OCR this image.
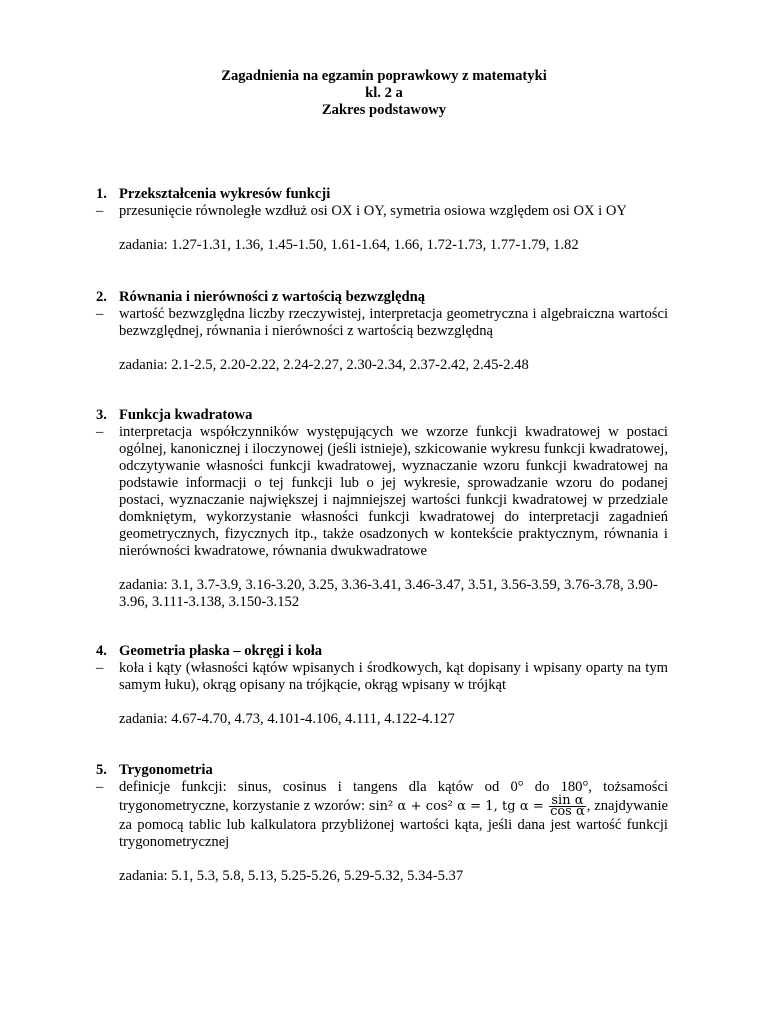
Zagadnienia na egzamin poprawkowy z matematyki
kl. 2 a
Zakres podstawowy
1. Przekształcenia wykresów funkcji
–	przesunięcie równoległe wzdłuż osi OX i OY, symetria osiowa względem osi OX i OY
zadania: 1.27-1.31, 1.36, 1.45-1.50, 1.61-1.64, 1.66, 1.72-1.73, 1.77-1.79, 1.82
2. Równania i nierówności z wartością bezwzględną
–	wartość bezwzględna liczby rzeczywistej, interpretacja geometryczna i algebraiczna wartości bezwzględnej, równania i nierówności z wartością bezwzględną
zadania: 2.1-2.5, 2.20-2.22, 2.24-2.27, 2.30-2.34, 2.37-2.42, 2.45-2.48
3. Funkcja kwadratowa
–	interpretacja współczynników występujących we wzorze funkcji kwadratowej w postaci ogólnej, kanonicznej i iloczynowej (jeśli istnieje), szkicowanie wykresu funkcji kwadratowej, odczytywanie własności funkcji kwadratowej, wyznaczanie wzoru funkcji kwadratowej na podstawie informacji o tej funkcji lub o jej wykresie, sprowadzanie wzoru do podanej postaci, wyznaczanie największej i najmniejszej wartości funkcji kwadratowej w przedziale domkniętym, wykorzystanie własności funkcji kwadratowej do interpretacji zagadnień geometrycznych, fizycznych itp., także osadzonych w kontekście praktycznym, równania i nierówności kwadratowe, równania dwukwadratowe
zadania: 3.1, 3.7-3.9, 3.16-3.20, 3.25, 3.36-3.41, 3.46-3.47, 3.51, 3.56-3.59, 3.76-3.78, 3.90-3.96, 3.111-3.138, 3.150-3.152
4. Geometria płaska – okręgi i koła
–	koła i kąty (własności kątów wpisanych i środkowych, kąt dopisany i wpisany oparty na tym samym łuku), okrąg opisany na trójkącie, okrąg wpisany w trójkąt
zadania: 4.67-4.70, 4.73, 4.101-4.106, 4.111, 4.122-4.127
5. Trygonometria
–	definicje funkcji: sinus, cosinus i tangens dla kątów od 0° do 180°, tożsamości trygonometryczne, korzystanie z wzorów: sin² α + cos² α = 1, tg $\alpha = \frac{\text{sin α}}{\text{cos α}}$ , znajdywanie za pomocą tablic lub kalkulatora przybliżonej wartości kąta, jeśli dana jest wartość funkcji trygonometrycznej
zadania: 5.1, 5.3, 5.8, 5.13, 5.25-5.26, 5.29-5.32, 5.34-5.37
